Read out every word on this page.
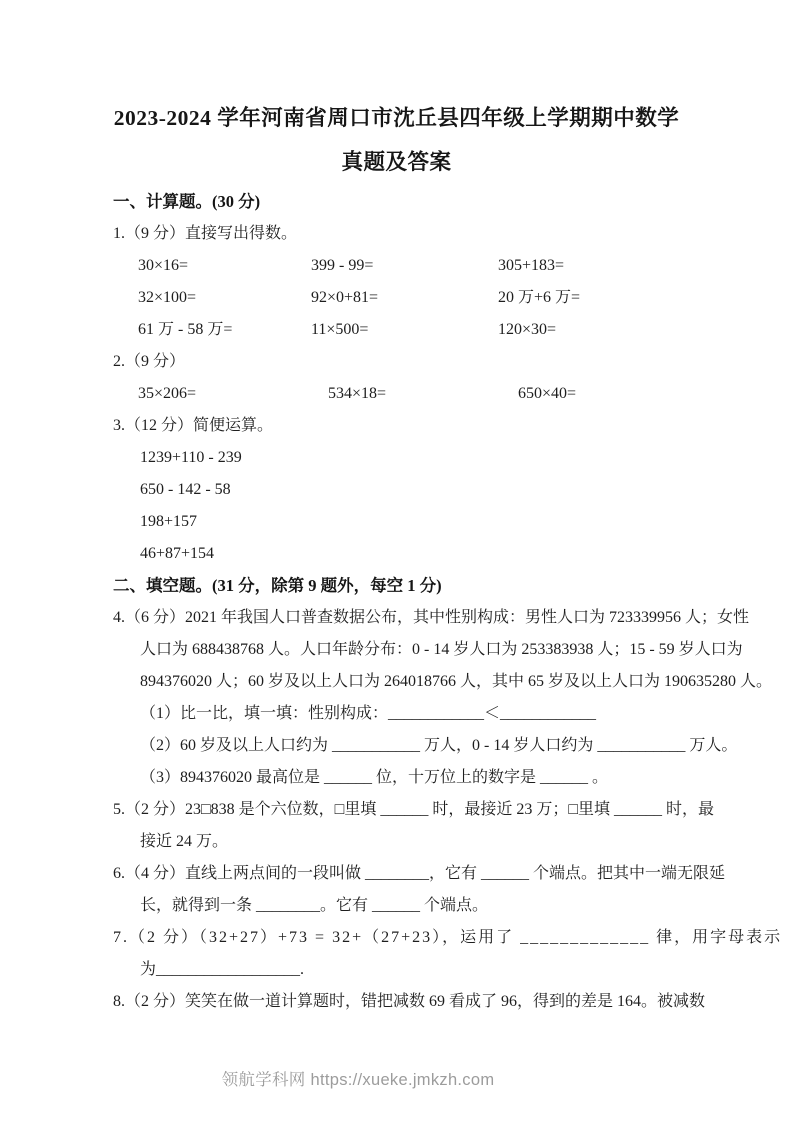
2023-2024 学年河南省周口市沈丘县四年级上学期期中数学
真题及答案
一、计算题。(30 分)
1.（9 分）直接写出得数。
30×16=	399 - 99=	305+183=
32×100=	92×0+81=	20 万+6 万=
61 万 - 58 万=	11×500=	120×30=
2.（9 分）
35×206=	534×18=	650×40=
3.（12 分）简便运算。
1239+110 - 239
650 - 142 - 58
198+157
46+87+154
二、填空题。(31 分，除第 9 题外，每空 1 分)
4.（6 分）2021 年我国人口普查数据公布，其中性别构成：男性人口为 723339956 人；女性
人口为 688438768 人。人口年龄分布：0 - 14 岁人口为 253383938 人；15 - 59 岁人口为
894376020 人；60 岁及以上人口为 264018766 人，其中 65 岁及以上人口为 190635280 人。
（1）比一比，填一填：性别构成：____________＜____________
（2）60 岁及以上人口约为 ___________ 万人，0 - 14 岁人口约为 ___________ 万人。
（3）894376020 最高位是 ______ 位，十万位上的数字是 ______ 。
5.（2 分）23□838 是个六位数，□里填 ______ 时，最接近 23 万；□里填 ______ 时，最
接近 24 万。
6.（4 分）直线上两点间的一段叫做 ________，它有 ______ 个端点。把其中一端无限延
长，就得到一条 ________。它有 ______ 个端点。
7.（2 分）（32+27）+73 = 32+（27+23），运用了 _____________ 律，用字母表示
为__________________.
8.（2 分）笑笑在做一道计算题时，错把减数 69 看成了 96，得到的差是 164。被减数
领航学科网 https://xueke.jmkzh.com
